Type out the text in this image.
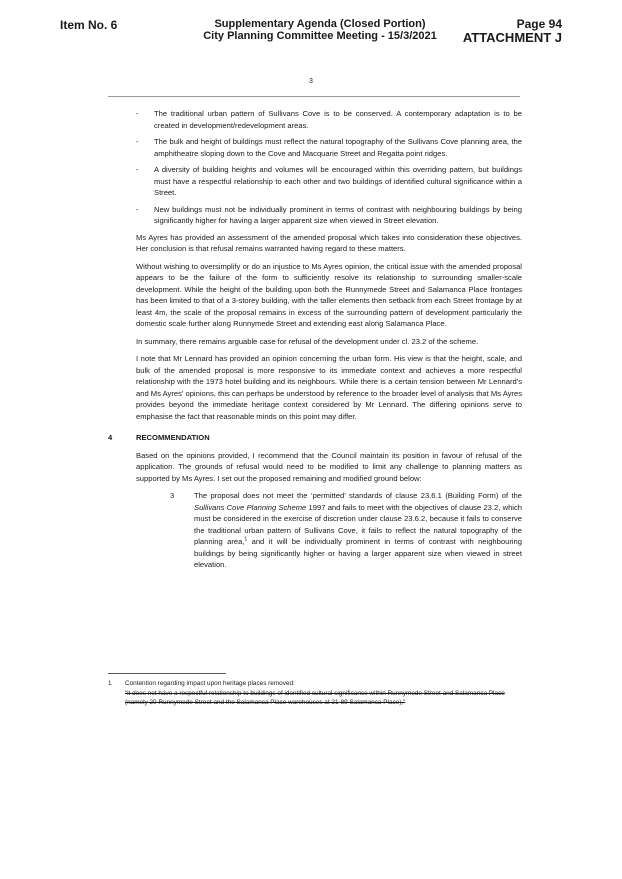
Item No. 6	Supplementary Agenda (Closed Portion)
City Planning Committee Meeting - 15/3/2021
Page 94
ATTACHMENT J
3
- The traditional urban pattern of Sullivans Cove is to be conserved. A contemporary adaptation is to be created in development/redevelopment areas.
- The bulk and height of buildings must reflect the natural topography of the Sullivans Cove planning area, the amphitheatre sloping down to the Cove and Macquarie Street and Regatta point ridges.
- A diversity of building heights and volumes will be encouraged within this overriding pattern, but buildings must have a respectful relationship to each other and two buildings of identified cultural significance within a Street.
- New buildings must not be individually prominent in terms of contrast with neighbouring buildings by being significantly higher for having a larger apparent size when viewed in Street elevation.

Ms Ayres has provided an assessment of the amended proposal which takes into consideration these objectives. Her conclusion is that refusal remains warranted having regard to these matters.

Without wishing to oversimplify or do an injustice to Ms Ayres opinion, the critical issue with the amended proposal appears to be the failure of the form to sufficiently resolve its relationship to surrounding smaller-scale development. While the height of the building upon both the Runnymede Street and Salamanca Place frontages has been limited to that of a 3-storey building, with the taller elements then setback from each Street frontage by at least 4m, the scale of the proposal remains in excess of the surrounding pattern of development particularly the domestic scale further along Runnymede Street and extending east along Salamanca Place.

In summary, there remains arguable case for refusal of the development under cl. 23.2 of the scheme.

I note that Mr Lennard has provided an opinion concerning the urban form. His view is that the height, scale, and bulk of the amended proposal is more responsive to its immediate context and achieves a more respectful relationship with the 1973 hotel building and its neighbours. While there is a certain tension between Mr Lennard's and Ms Ayres' opinions, this can perhaps be understood by reference to the broader level of analysis that Ms Ayres provides beyond the immediate heritage context considered by Mr Lennard. The differing opinions serve to emphasise the fact that reasonable minds on this point may differ.

4	RECOMMENDATION

Based on the opinions provided, I recommend that the Council maintain its position in favour of refusal of the application. The grounds of refusal would need to be modified to limit any challenge to planning matters as supported by Ms Ayres. I set out the proposed remaining and modified ground below:

3	The proposal does not meet the ‘permitted’ standards of clause 23.6.1 (Building Form) of the Sullivans Cove Planning Scheme 1997 and fails to meet with the objectives of clause 23.2, which must be considered in the exercise of discretion under clause 23.6.2, because it fails to conserve the traditional urban pattern of Sullivans Cove, it fails to reflect the natural topography of the planning area,$^1$ and it will be individually prominent in terms of contrast with neighbouring buildings by being significantly higher or having a larger apparent size when viewed in street elevation.
1 Contention regarding impact upon heritage places removed:
“it does not have a respectful relationship to buildings of identified cultural significance within Runnymede Street and Salamanca Place (namely 20 Runnymede Street and the Salamanca Place warehouses at 21-89 Salamanca Place),”
